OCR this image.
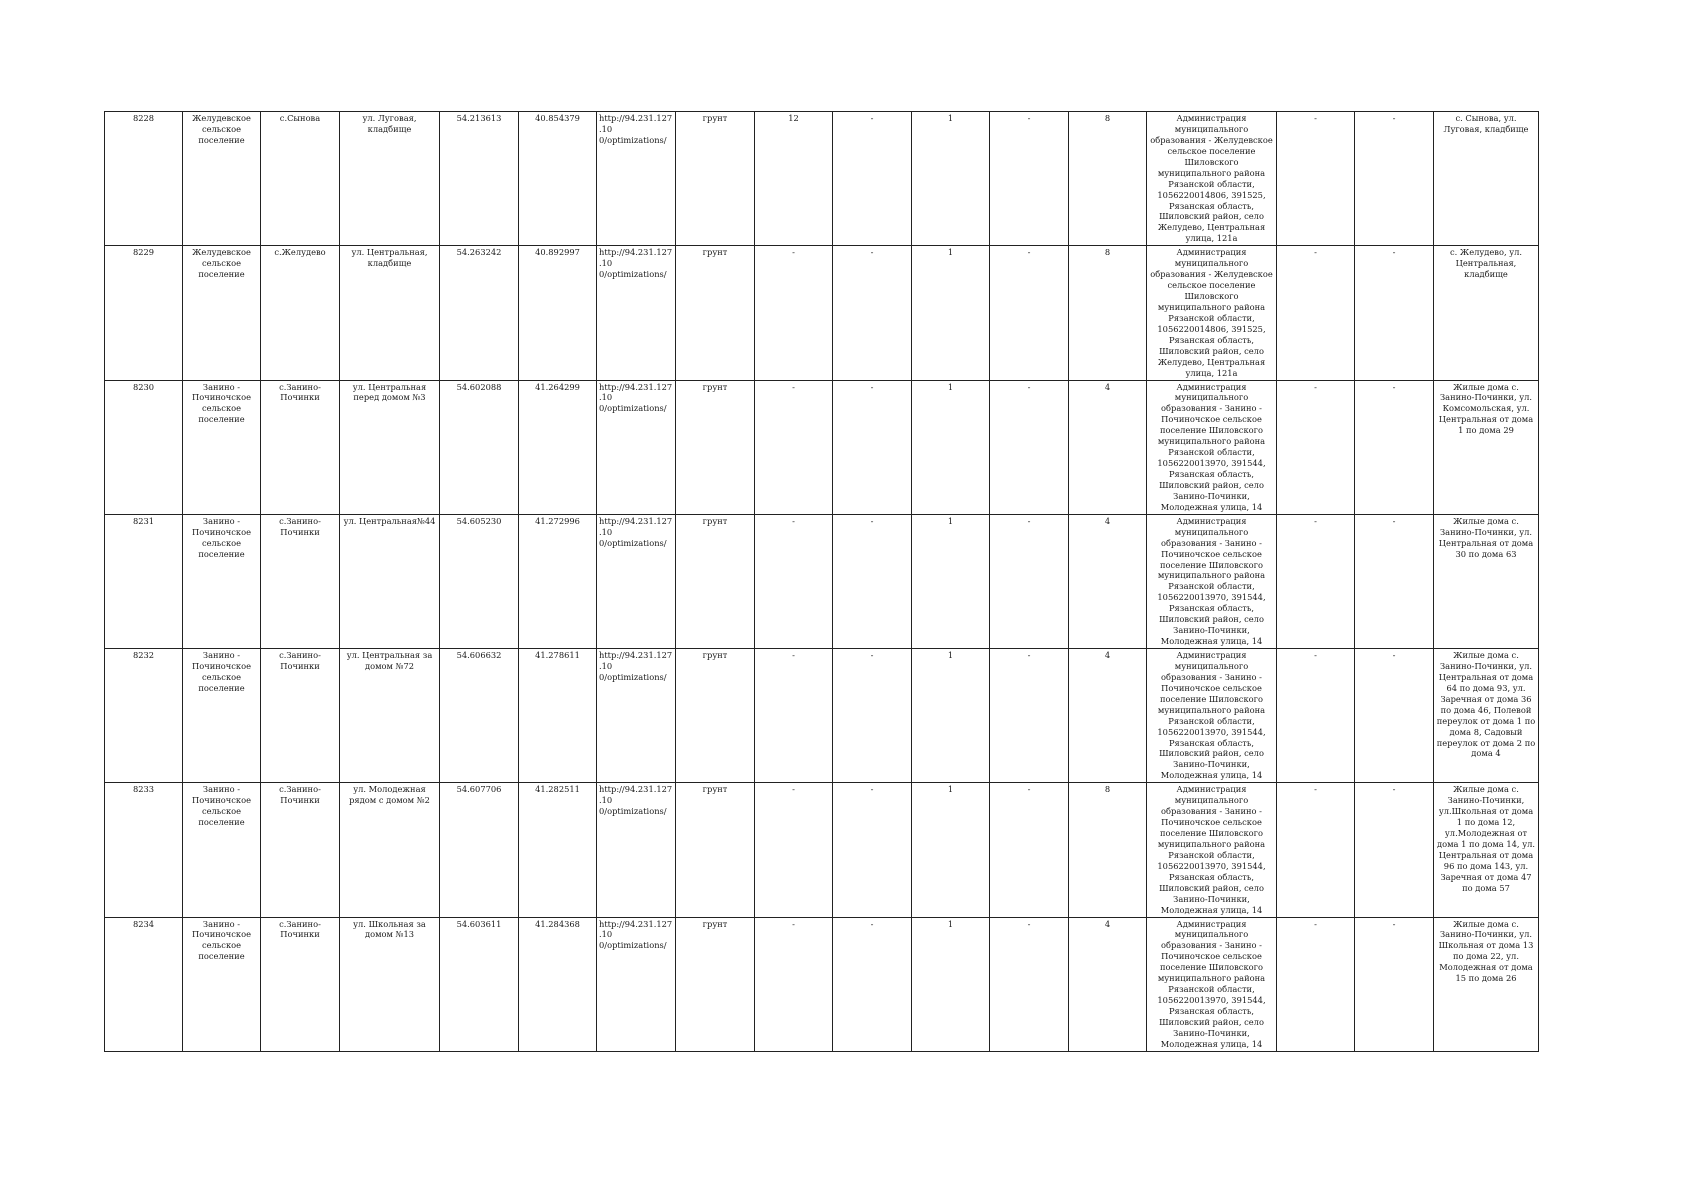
8228	Желудевское сельское поселение	с.Сынова	ул. Луговая, кладбище	54.213613	40.854379	http://94.231.127.10 0/optimizations/	грунт	12	-	1	-	8	Администрация муниципального образования - Желудевское сельское поселение Шиловского муниципального района Рязанской области, 1056220014806, 391525, Рязанская область, Шиловский район, село Желудево, Центральная улица, 121а	-	-	с. Сынова, ул. Луговая, кладбище

8229	Желудевское сельское поселение	с.Желудево	ул. Центральная, кладбище	54.263242	40.892997	http://94.231.127.10 0/optimizations/	грунт	-	-	1	-	8	Администрация муниципального образования - Желудевское сельское поселение Шиловского муниципального района Рязанской области, 1056220014806, 391525, Рязанская область, Шиловский район, село Желудево, Центральная улица, 121а	-	-	с. Желудево, ул. Центральная, кладбище

8230	Занино - Починочское сельское поселение	с.Занино-Починки	ул. Центральная перед домом №3	54.602088	41.264299	http://94.231.127.10 0/optimizations/	грунт	-	-	1	-	4	Администрация муниципального образования - Занино - Починочское сельское поселение Шиловского муниципального района Рязанской области, 1056220013970, 391544, Рязанская область, Шиловский район, село Занино-Починки, Молодежная улица, 14	-	-	Жилые дома с. Занино-Починки, ул. Комсомольская, ул. Центральная от дома 1 по дома 29

8231	Занино - Починочское сельское поселение	с.Занино-Починки	ул. Центральная№44	54.605230	41.272996	http://94.231.127.10 0/optimizations/	грунт	-	-	1	-	4	Администрация муниципального образования - Занино - Починочское сельское поселение Шиловского муниципального района Рязанской области, 1056220013970, 391544, Рязанская область, Шиловский район, село Занино-Починки, Молодежная улица, 14	-	-	Жилые дома с. Занино-Починки, ул. Центральная от дома 30 по дома 63

8232	Занино - Починочское сельское поселение	с.Занино-Починки	ул. Центральная за домом №72	54.606632	41.278611	http://94.231.127.10 0/optimizations/	грунт	-	-	1	-	4	Администрация муниципального образования - Занино - Починочское сельское поселение Шиловского муниципального района Рязанской области, 1056220013970, 391544, Рязанская область, Шиловский район, село Занино-Починки, Молодежная улица, 14	-	-	Жилые дома с. Занино-Починки, ул. Центральная от дома 64 по дома 93, ул. Заречная от дома 36 по дома 46, Полевой переулок от дома 1 по дома 8, Садовый переулок от дома 2 по дома 4

8233	Занино - Починочское сельское поселение	с.Занино-Починки	ул. Молодежная рядом с домом №2	54.607706	41.282511	http://94.231.127.10 0/optimizations/	грунт	-	-	1	-	8	Администрация муниципального образования - Занино - Починочское сельское поселение Шиловского муниципального района Рязанской области, 1056220013970, 391544, Рязанская область, Шиловский район, село Занино-Починки, Молодежная улица, 14	-	-	Жилые дома с. Занино-Починки, ул.Школьная от дома 1 по дома 12, ул.Молодежная от дома 1 по дома 14, ул. Центральная от дома 96 по дома 143, ул. Заречная от дома 47 по дома 57

8234	Занино - Починочское сельское поселение	с.Занино-Починки	ул. Школьная за домом №13	54.603611	41.284368	http://94.231.127.10 0/optimizations/	грунт	-	-	1	-	4	Администрация муниципального образования - Занино - Починочское сельское поселение Шиловского муниципального района Рязанской области, 1056220013970, 391544, Рязанская область, Шиловский район, село Занино-Починки, Молодежная улица, 14	-	-	Жилые дома с. Занино-Починки, ул. Школьная от дома 13 по дома 22, ул. Молодежная от дома 15 по дома 26
